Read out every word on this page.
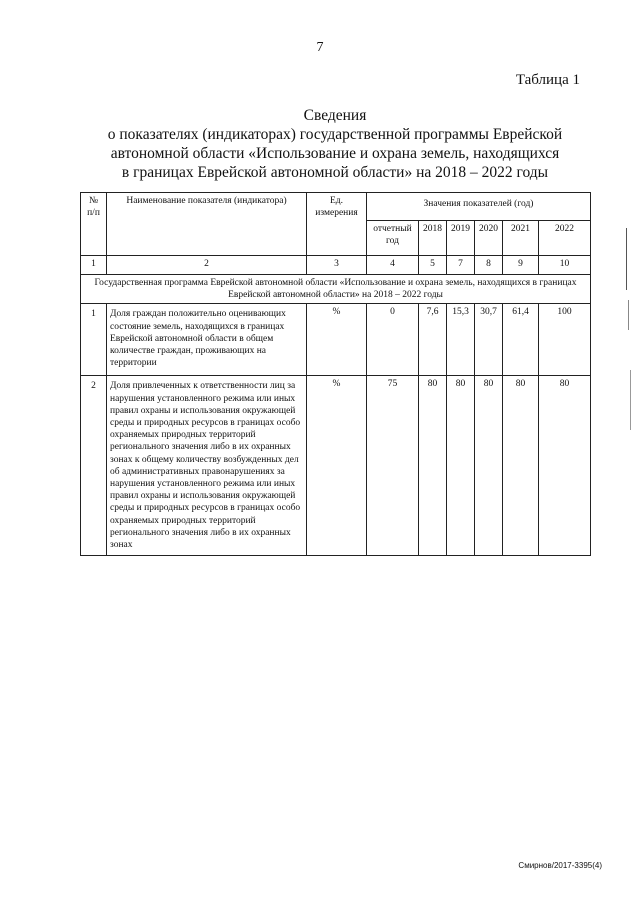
7
Таблица 1
Сведения
о показателях (индикаторах) государственной программы Еврейской
автономной области «Использование и охрана земель, находящихся
в границах Еврейской автономной области» на 2018 – 2022 годы
№ п/п	Наименование показателя (индикатора)	Ед. измерения	Значения показателей (год)					
			отчетный год	2018	2019	2020	2021	2022
1	2	3	4	5	7	8	9	10
Государственная программа Еврейской автономной области «Использование и охрана земель, находящихся в границах Еврейской автономной области» на 2018 – 2022 годы								
1	Доля граждан положительно оценивающих состояние земель, находящихся в границах Еврейской автономной области в общем количестве граждан, проживающих на территории	%	0	7,6	15,3	30,7	61,4	100
2	Доля привлеченных к ответственности лиц за нарушения установленного режима или иных правил охраны и использования окружающей среды и природных ресурсов в границах особо охраняемых природных территорий регионального значения либо в их охранных зонах к общему количеству возбужденных дел об административных правонарушениях за нарушения установленного режима или иных правил охраны и использования окружающей среды и природных ресурсов в границах особо охраняемых природных территорий регионального значения либо в их охранных зонах	%	75	80	80	80	80	80
Смирнов/2017-3395(4)
